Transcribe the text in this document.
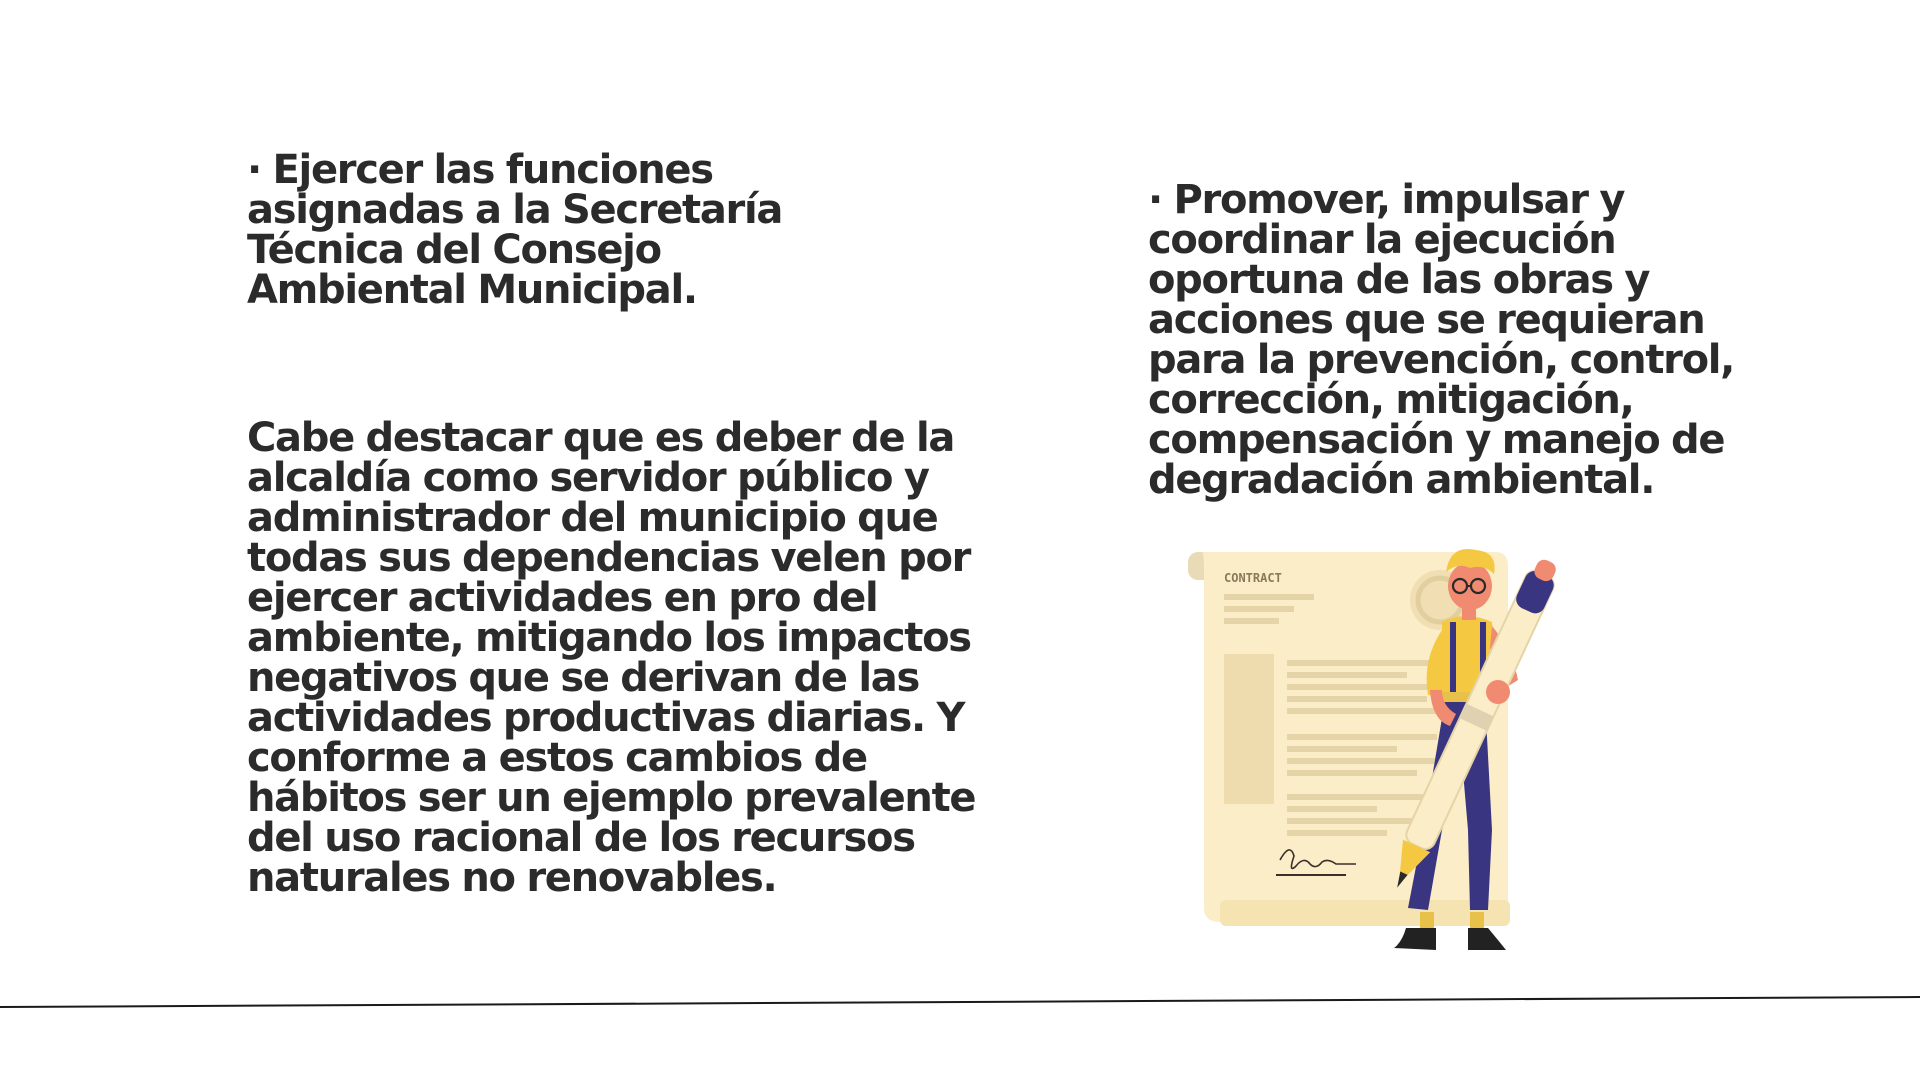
· Ejercer las funciones asignadas a la Secretaría Técnica del Consejo Ambiental Municipal.

Cabe destacar que es deber de la alcaldía como servidor público y administrador del municipio que todas sus dependencias velen por ejercer actividades en pro del ambiente, mitigando los impactos negativos que se derivan de las actividades productivas diarias. Y conforme a estos cambios de hábitos ser un ejemplo prevalente del uso racional de los recursos naturales no renovables.

· Promover, impulsar y coordinar la ejecución oportuna de las obras y acciones que se requieran para la prevención, control, corrección, mitigación, compensación y manejo de degradación ambiental.

CONTRACT
